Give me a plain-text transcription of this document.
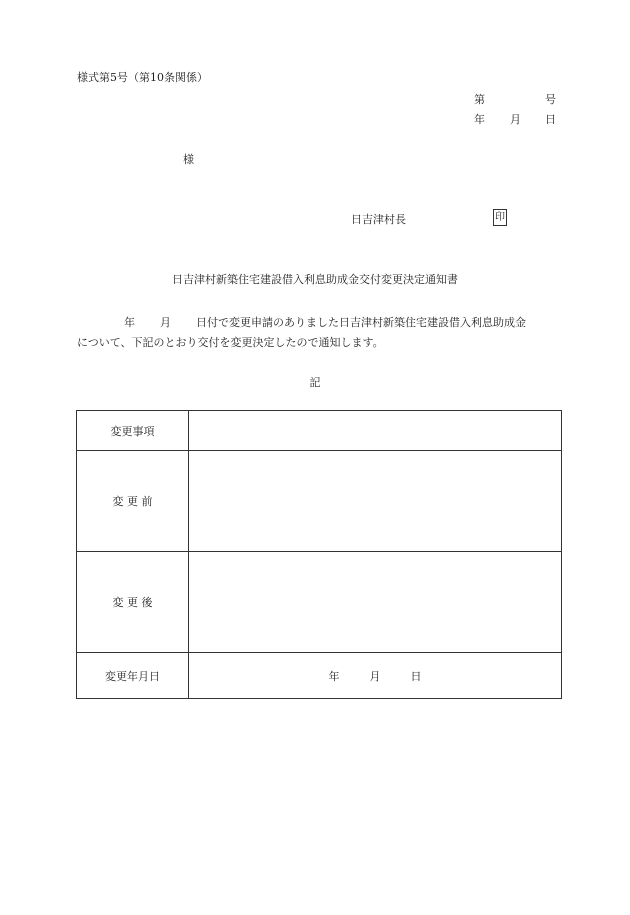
様式第5号（第10条関係）
第	号
年 月 日
様
日吉津村長	印
日吉津村新築住宅建設借入利息助成金交付変更決定通知書
年 月 日付で変更申請のありました日吉津村新築住宅建設借入利息助成金
について、下記のとおり交付を変更決定したので通知します。
記
変更事項	
変 更 前	
変 更 後	
変更年月日	年 月 日
